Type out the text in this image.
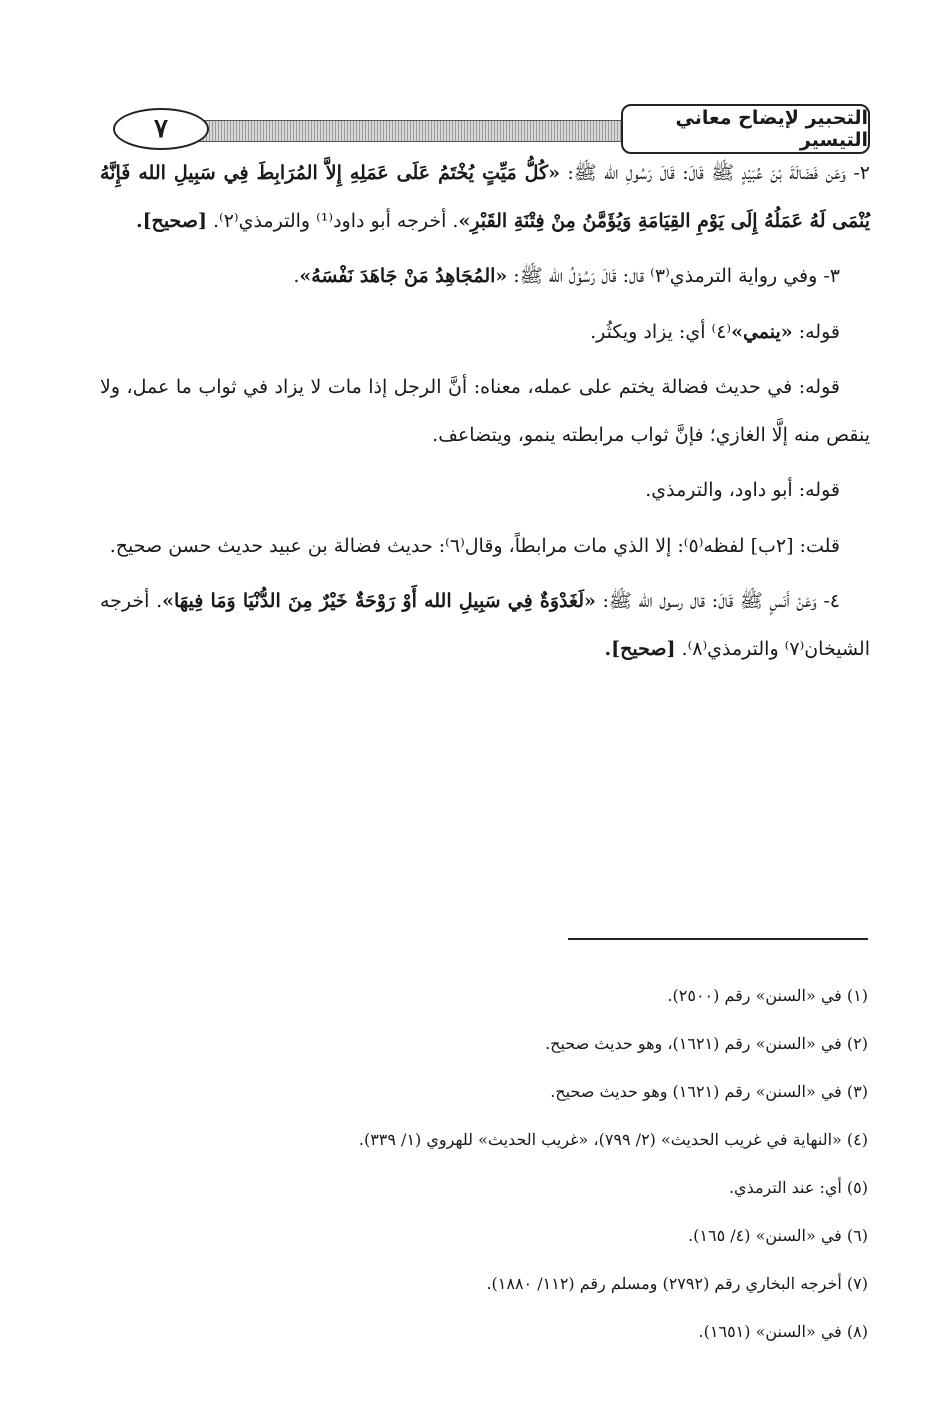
٧	التحبير لإيضاح معاني التيسير

٢- وَعَن فَضَالَةَ بْنَ عُبَيْدٍ ﷺ قَالَ: قَالَ رَسُولِ الله ﷺ: «كُلُّ مَيِّتٍ يُخْتَمُ عَلَى عَمَلِهِ إِلاَّ المُرَابِطَ فِي سَبِيلِ الله فَإِنَّهُ يُنْمَى لَهُ عَمَلُهُ إِلَى يَوْمِ القِيَامَةِ وَيُؤَمَّنُ مِنْ فِتْنَةِ القَبْرِ». أخرجه أبو داود⁽¹⁾ والترمذي⁽٢⁾. [صحيح].

٣- وفي رواية الترمذي⁽٣⁾ قال: قَالَ رَسُوْلُ الله ﷺ: «المُجَاهِدُ مَنْ جَاهَدَ نَفْسَهُ».

قوله: «ينمي»⁽٤⁾ أي: يزاد ويكثُر.

قوله: في حديث فضالة يختم على عمله، معناه: أنَّ الرجل إذا مات لا يزاد في ثواب ما عمل، ولا ينقص منه إلَّا الغازي؛ فإنَّ ثواب مرابطته ينمو، ويتضاعف.

قوله: أبو داود، والترمذي.

قلت: [٢ب] لفظه⁽٥⁾: إلا الذي مات مرابطاً، وقال⁽٦⁾: حديث فضالة بن عبيد حديث حسن صحيح.

٤- وَعَنْ أَنَسٍ ﷺ قَالَ: قال رسول الله ﷺ: «لَغَدْوَةٌ فِي سَبِيلِ الله أَوْ رَوْحَةٌ خَيْرٌ مِنَ الدُّنْيَا وَمَا فِيهَا». أخرجه الشيخان⁽٧⁾ والترمذي⁽٨⁾. [صحيح].

(١) في «السنن» رقم (٢٥٠٠).
(٢) في «السنن» رقم (١٦٢١)، وهو حديث صحيح.
(٣) في «السنن» رقم (١٦٢١) وهو حديث صحيح.
(٤) «النهاية في غريب الحديث» (٢/ ٧٩٩)، «غريب الحديث» للهروي (١/ ٣٣٩).
(٥) أي: عند الترمذي.
(٦) في «السنن» (٤/ ١٦٥).
(٧) أخرجه البخاري رقم (٢٧٩٢) ومسلم رقم (١١٢/ ١٨٨٠).
(٨) في «السنن» (١٦٥١).
